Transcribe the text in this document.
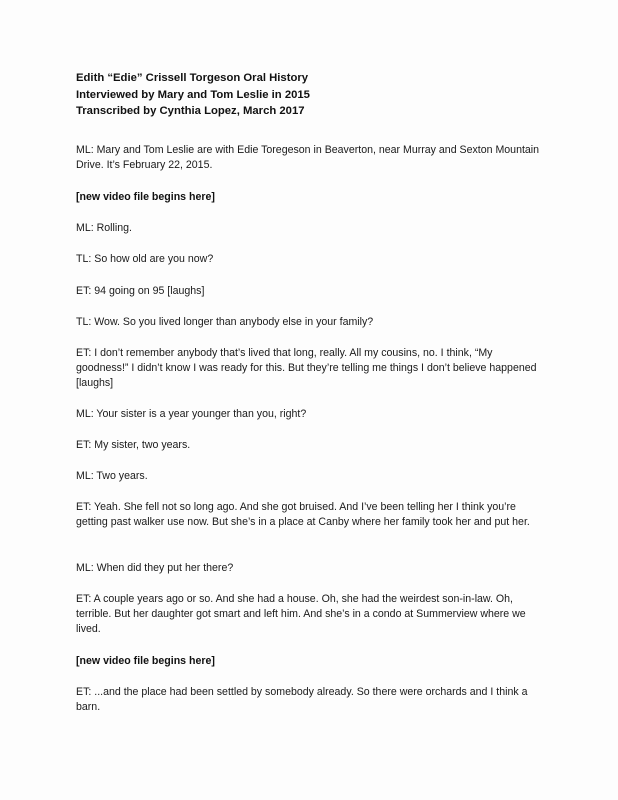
Edith “Edie” Crissell Torgeson Oral History
Interviewed by Mary and Tom Leslie in 2015
Transcribed by Cynthia Lopez, March 2017
ML: Mary and Tom Leslie are with Edie Toregeson in Beaverton, near Murray and Sexton Mountain Drive. It’s February 22, 2015.
[new video file begins here]
ML: Rolling.
TL: So how old are you now?
ET: 94 going on 95 [laughs]
TL: Wow. So you lived longer than anybody else in your family?
ET: I don’t remember anybody that’s lived that long, really. All my cousins, no. I think, “My goodness!” I didn’t know I was ready for this. But they’re telling me things I don’t believe happened [laughs]
ML: Your sister is a year younger than you, right?
ET: My sister, two years.
ML: Two years.
ET: Yeah. She fell not so long ago. And she got bruised. And I’ve been telling her I think you’re getting past walker use now. But she’s in a place at Canby where her family took her and put her.
ML: When did they put her there?
ET: A couple years ago or so. And she had a house. Oh, she had the weirdest son-in-law. Oh, terrible. But her daughter got smart and left him. And she’s in a condo at Summerview where we lived.
[new video file begins here]
ET: ...and the place had been settled by somebody already. So there were orchards and I think a barn.
